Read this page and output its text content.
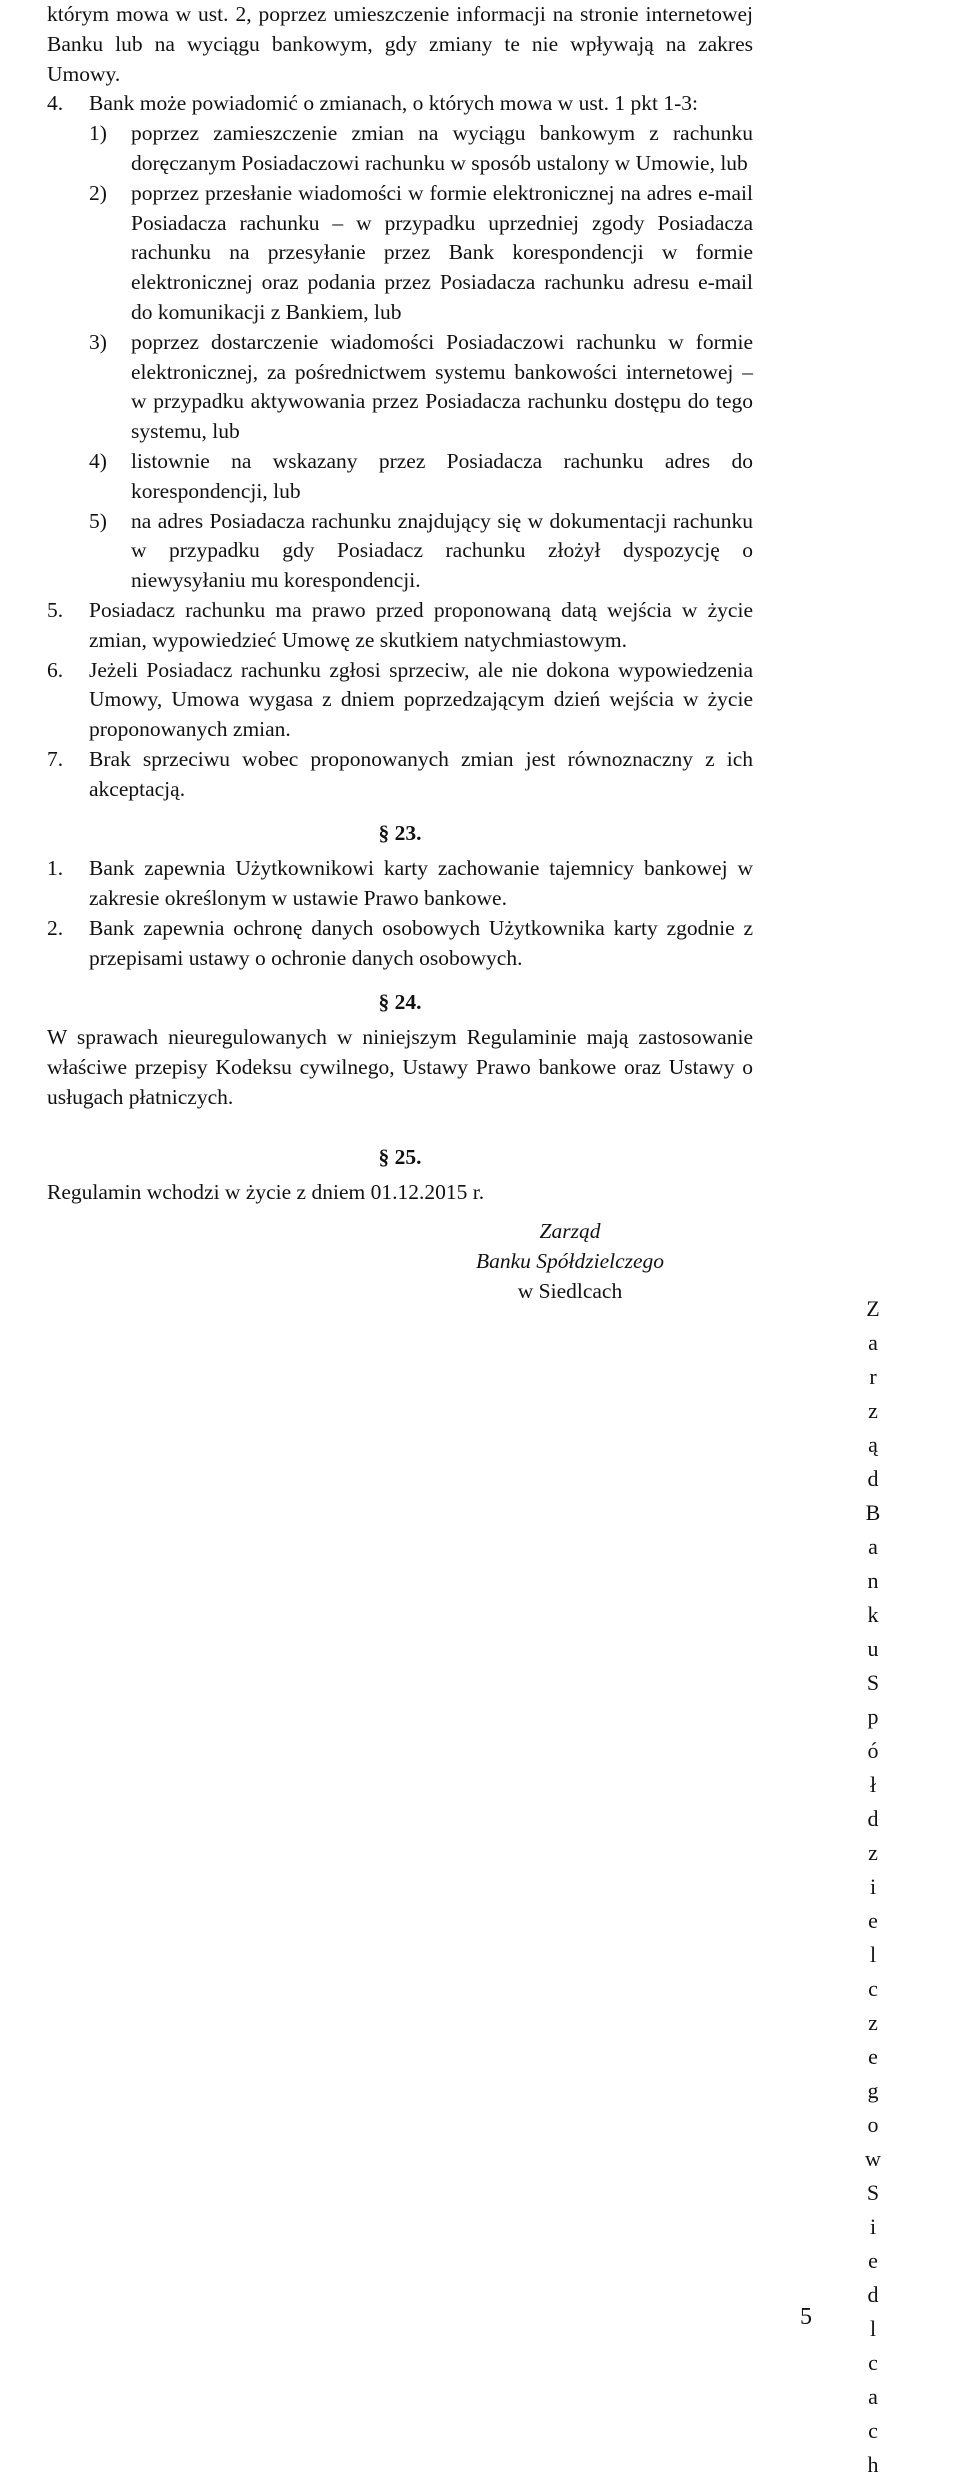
którym mowa w ust. 2, poprzez umieszczenie informacji na stronie internetowej Banku lub na wyciągu bankowym, gdy zmiany te nie wpływają na zakres Umowy.

4.	Bank może powiadomić o zmianach, o których mowa w ust. 1 pkt 1-3:
1)	poprzez zamieszczenie zmian na wyciągu bankowym z rachunku doręczanym Posiadaczowi rachunku w sposób ustalony w Umowie, lub
2)	poprzez przesłanie wiadomości w formie elektronicznej na adres e-mail Posiadacza rachunku – w przypadku uprzedniej zgody Posiadacza rachunku na przesyłanie przez Bank korespondencji w formie elektronicznej oraz podania przez Posiadacza rachunku adresu e-mail do komunikacji z Bankiem, lub
3)	poprzez dostarczenie wiadomości Posiadaczowi rachunku w formie elektronicznej, za pośrednictwem systemu bankowości internetowej – w przypadku aktywowania przez Posiadacza rachunku dostępu do tego systemu, lub
4)	listownie na wskazany przez Posiadacza rachunku adres do korespondencji, lub
5)	na adres Posiadacza rachunku znajdujący się w dokumentacji rachunku w przypadku gdy Posiadacz rachunku złożył dyspozycję o niewysyłaniu mu korespondencji.
5.	Posiadacz rachunku ma prawo przed proponowaną datą wejścia w życie zmian, wypowiedzieć Umowę ze skutkiem natychmiastowym.
6.	Jeżeli Posiadacz rachunku zgłosi sprzeciw, ale nie dokona wypowiedzenia Umowy, Umowa wygasa z dniem poprzedzającym dzień wejścia w życie proponowanych zmian.
7.	Brak sprzeciwu wobec proponowanych zmian jest równoznaczny z ich akceptacją.
§ 23.
1.	Bank zapewnia Użytkownikowi karty zachowanie tajemnicy bankowej w zakresie określonym w ustawie Prawo bankowe.
2.	Bank zapewnia ochronę danych osobowych Użytkownika karty zgodnie z przepisami ustawy o ochronie danych osobowych.
§ 24.

W sprawach nieuregulowanych w niniejszym Regulaminie mają zastosowanie właściwe przepisy Kodeksu cywilnego, Ustawy Prawo bankowe oraz Ustawy o usługach płatniczych.

§ 25.

Regulamin wchodzi w życie z dniem 01.12.2015 r.

Zarząd
Banku Spółdzielczego
w Siedlcach
Z
a
r
z
ą
d
B
a
n
k
u
S
p
ó
ł
d
z
i
e
l
c
z
e
g
o
w
S
i
e
d
l
c
a
c
h
5
